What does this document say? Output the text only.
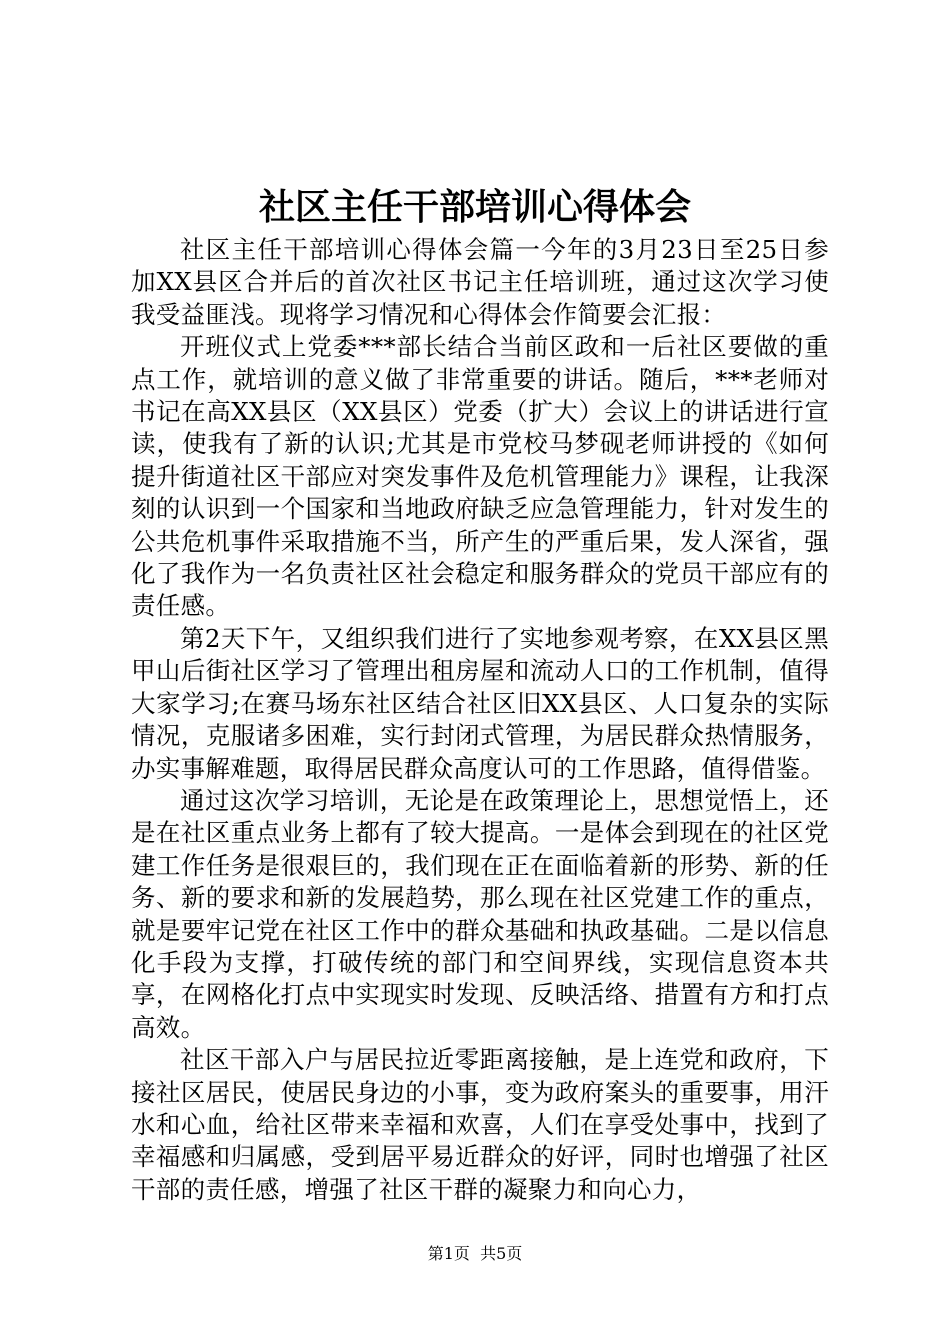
社区主任干部培训心得体会

社区主任干部培训心得体会篇一今年的3月23日至25日参加XX县区合并后的首次社区书记主任培训班，通过这次学习使我受益匪浅。现将学习情况和心得体会作简要会汇报：

开班仪式上党委***部长结合当前区政和一后社区要做的重点工作，就培训的意义做了非常重要的讲话。随后，***老师对书记在高XX县区（XX县区）党委（扩大）会议上的讲话进行宣读，使我有了新的认识;尤其是市党校马梦砚老师讲授的《如何提升街道社区干部应对突发事件及危机管理能力》课程，让我深刻的认识到一个国家和当地政府缺乏应急管理能力，针对发生的公共危机事件采取措施不当，所产生的严重后果，发人深省，强化了我作为一名负责社区社会稳定和服务群众的党员干部应有的责任感。

第2天下午，又组织我们进行了实地参观考察，在XX县区黑甲山后街社区学习了管理出租房屋和流动人口的工作机制，值得大家学习;在赛马场东社区结合社区旧XX县区、人口复杂的实际情况，克服诸多困难，实行封闭式管理，为居民群众热情服务，办实事解难题，取得居民群众高度认可的工作思路，值得借鉴。

通过这次学习培训，无论是在政策理论上，思想觉悟上，还是在社区重点业务上都有了较大提高。一是体会到现在的社区党建工作任务是很艰巨的，我们现在正在面临着新的形势、新的任务、新的要求和新的发展趋势，那么现在社区党建工作的重点，就是要牢记党在社区工作中的群众基础和执政基础。二是以信息化手段为支撑，打破传统的部门和空间界线，实现信息资本共享，在网格化打点中实现实时发现、反映活络、措置有方和打点高效。

社区干部入户与居民拉近零距离接触，是上连党和政府，下接社区居民，使居民身边的小事，变为政府案头的重要事，用汗水和心血，给社区带来幸福和欢喜，人们在享受处事中，找到了幸福感和归属感，受到居平易近群众的好评，同时也增强了社区干部的责任感，增强了社区干群的凝聚力和向心力，

第1页 共5页
